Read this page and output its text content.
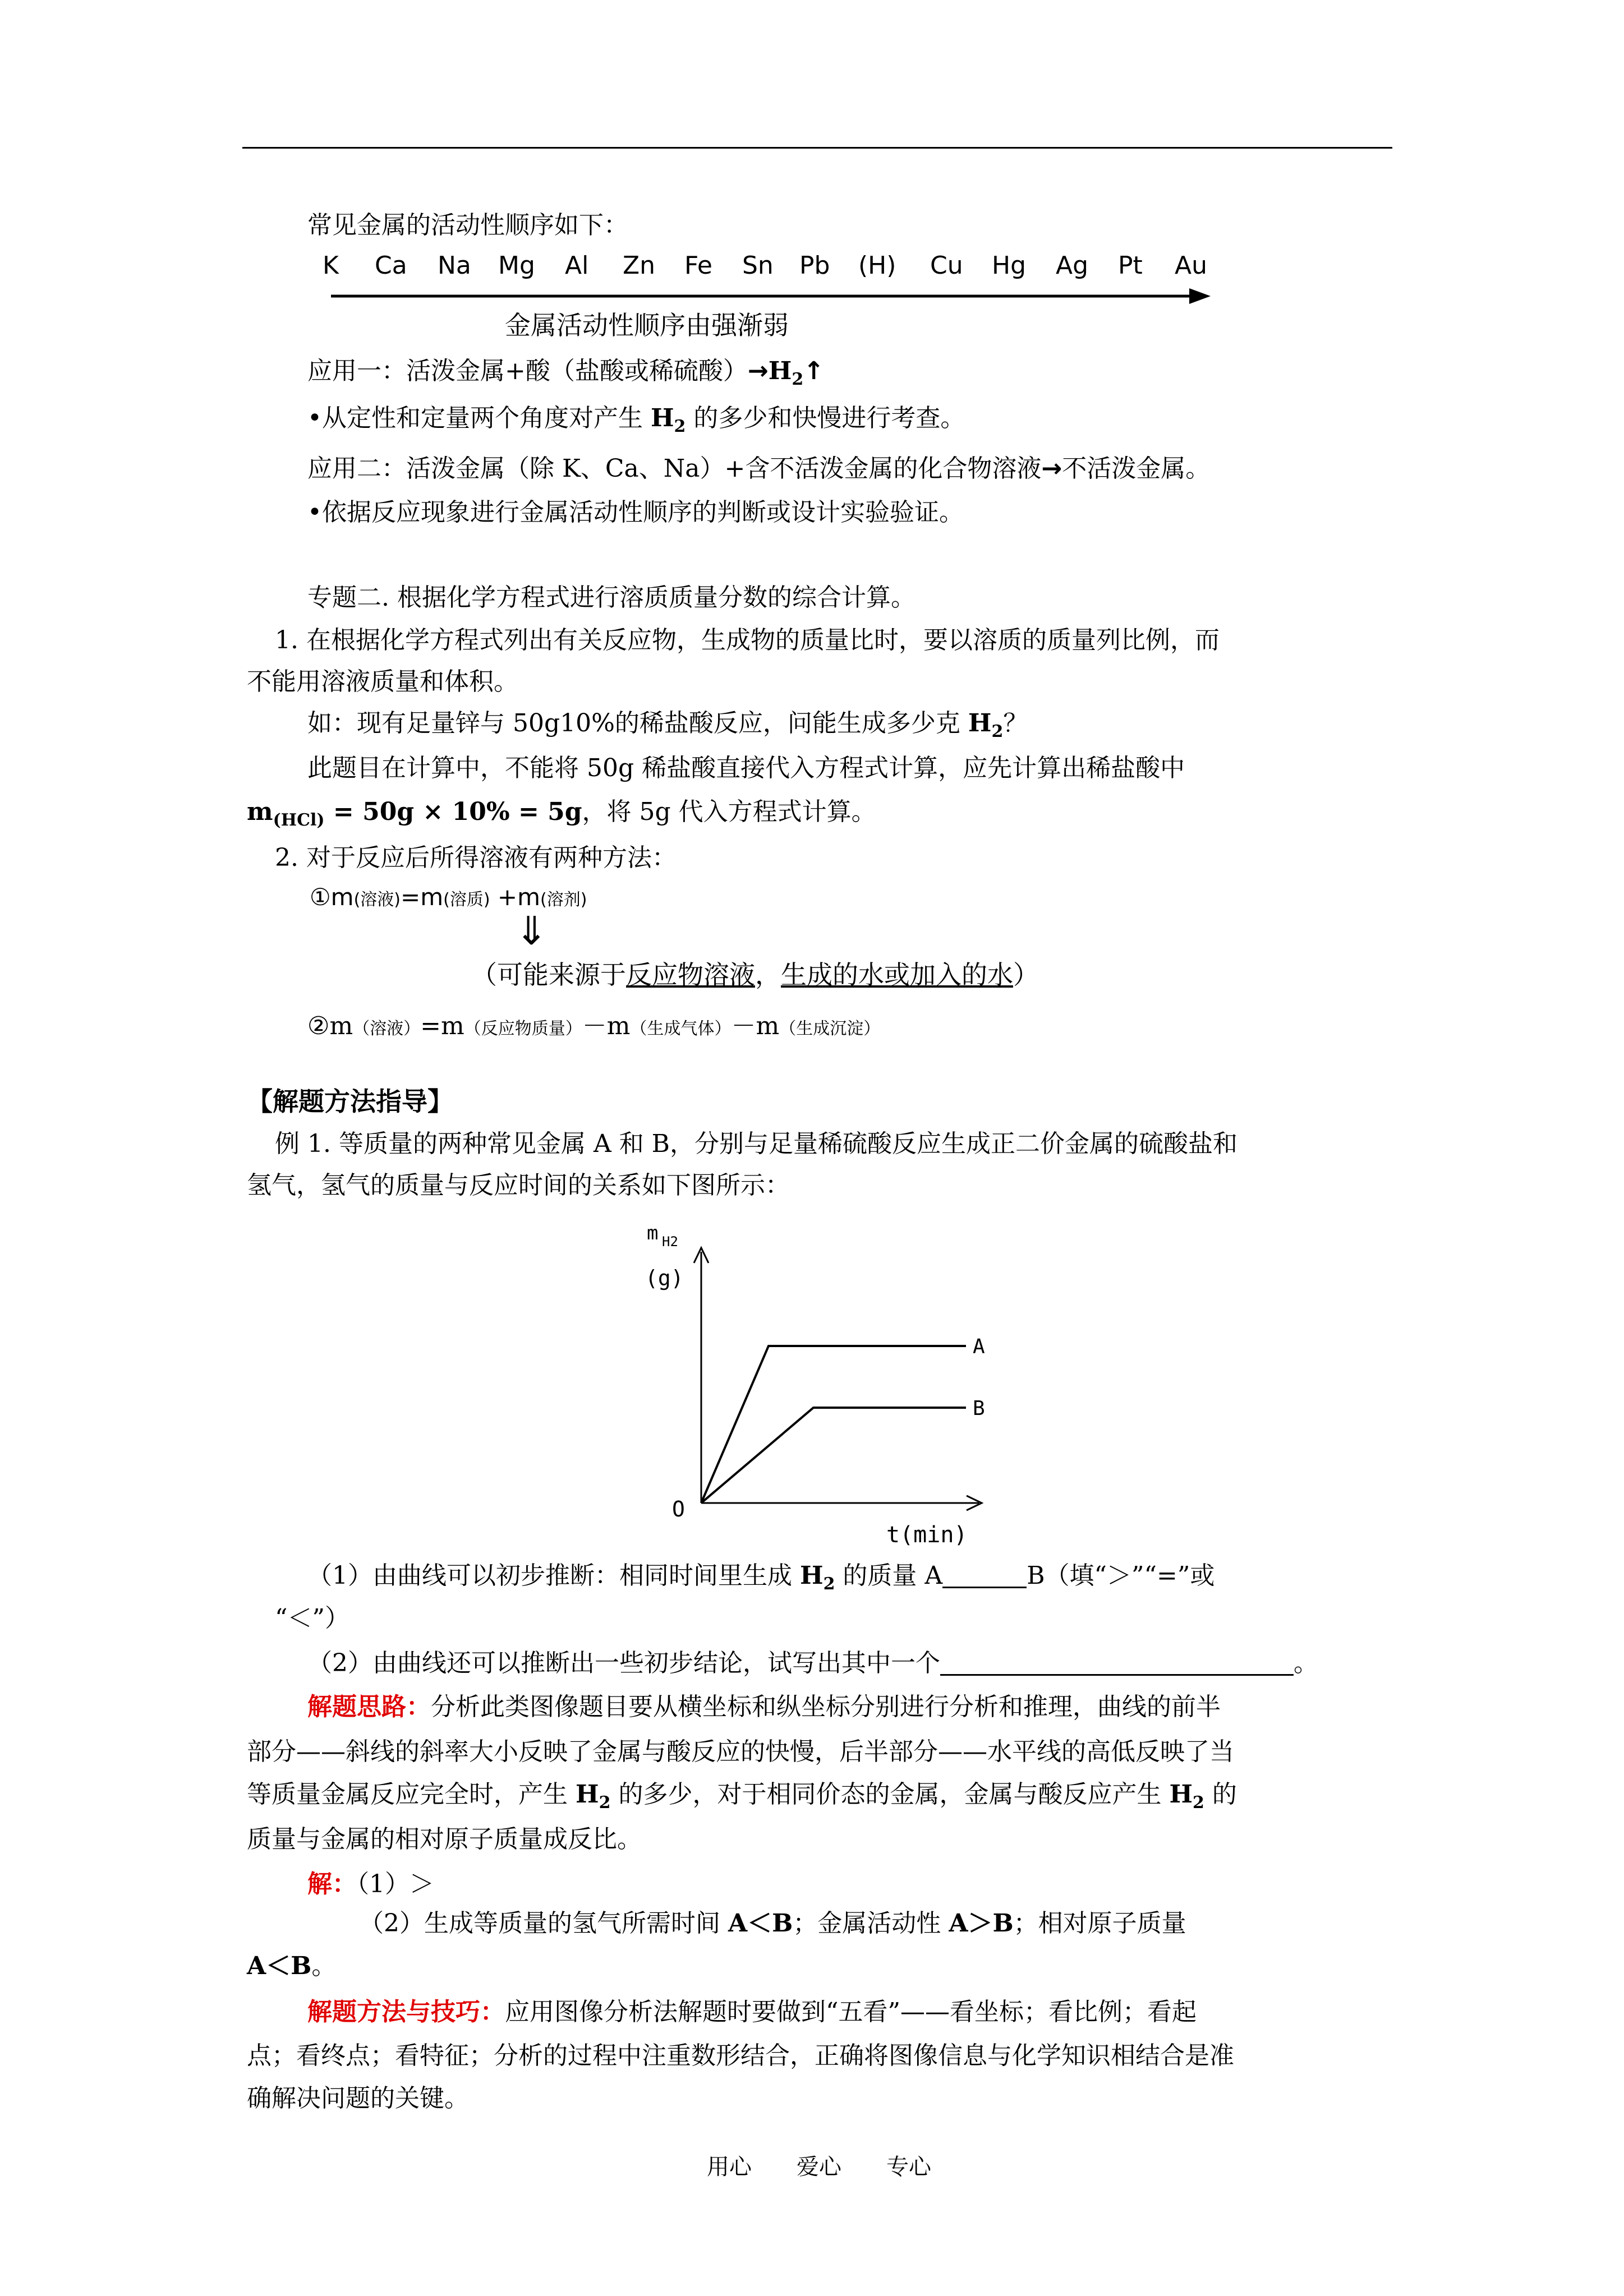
常见金属的活动性顺序如下：
K Ca Na Mg Al Zn Fe Sn Pb (H) Cu Hg Ag Pt Au
金属活动性顺序由强渐弱
应用一：活泼金属+酸（盐酸或稀硫酸）$\to H_2↑$
•从定性和定量两个角度对产生 $H_2$ 的多少和快慢进行考查。
应用二：活泼金属（除 K、Ca、Na）+含不活泼金属的化合物溶液→不活泼金属。
•依据反应现象进行金属活动性顺序的判断或设计实验验证。
专题二. 根据化学方程式进行溶质质量分数的综合计算。
1. 在根据化学方程式列出有关反应物，生成物的质量比时，要以溶质的质量列比例，而
不能用溶液质量和体积。
如：现有足量锌与 50g10%的稀盐酸反应，问能生成多少克 $H_2$？
此题目在计算中，不能将 50g 稀盐酸直接代入方程式计算，应先计算出稀盐酸中
$m_{(HCl)} = 50g \times 10\% = 5g$，将 5g 代入方程式计算。
2. 对于反应后所得溶液有两种方法：
①m(溶液)=m(溶质) +m(溶剂)
⇓
（可能来源于反应物溶液，生成的水或加入的水）
②m（溶液）=m（反应物质量）－m（生成气体）－m（生成沉淀）
【解题方法指导】
例 1. 等质量的两种常见金属 A 和 B，分别与足量稀硫酸反应生成正二价金属的硫酸盐和
氢气，氢气的质量与反应时间的关系如下图所示：
m H2
(g)
O
t(min)
A
B
（1）由曲线可以初步推断：相同时间里生成 $H_2$ 的质量 A	B（填“＞”“=”或
“＜”）
（2）由曲线还可以推断出一些初步结论，试写出其中一个	。
解题思路：分析此类图像题目要从横坐标和纵坐标分别进行分析和推理，曲线的前半
部分——斜线的斜率大小反映了金属与酸反应的快慢，后半部分——水平线的高低反映了当
等质量金属反应完全时，产生 $H_2$ 的多少，对于相同价态的金属，金属与酸反应产生 $H_2$ 的
质量与金属的相对原子质量成反比。
解：（1）＞
（2）生成等质量的氢气所需时间 A＜B；金属活动性 A＞B；相对原子质量
A＜B。
解题方法与技巧：应用图像分析法解题时要做到“五看”——看坐标；看比例；看起
点；看终点；看特征；分析的过程中注重数形结合，正确将图像信息与化学知识相结合是准
确解决问题的关键。
用心　　爱心　　专心
